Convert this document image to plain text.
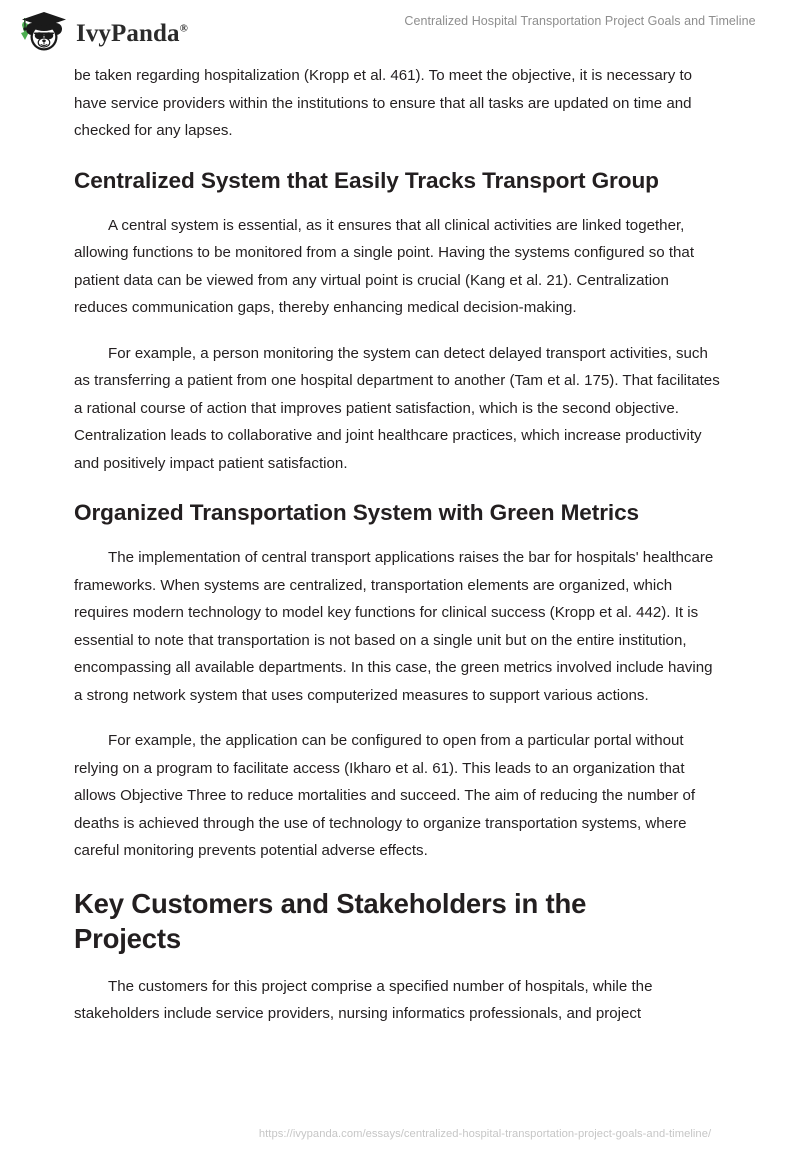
IvyPanda®
Centralized Hospital Transportation Project Goals and Timeline

be taken regarding hospitalization (Kropp et al. 461). To meet the objective, it is necessary to have service providers within the institutions to ensure that all tasks are updated on time and checked for any lapses.

Centralized System that Easily Tracks Transport Group

A central system is essential, as it ensures that all clinical activities are linked together, allowing functions to be monitored from a single point. Having the systems configured so that patient data can be viewed from any virtual point is crucial (Kang et al. 21). Centralization reduces communication gaps, thereby enhancing medical decision-making.

For example, a person monitoring the system can detect delayed transport activities, such as transferring a patient from one hospital department to another (Tam et al. 175). That facilitates a rational course of action that improves patient satisfaction, which is the second objective. Centralization leads to collaborative and joint healthcare practices, which increase productivity and positively impact patient satisfaction.

Organized Transportation System with Green Metrics

The implementation of central transport applications raises the bar for hospitals' healthcare frameworks. When systems are centralized, transportation elements are organized, which requires modern technology to model key functions for clinical success (Kropp et al. 442). It is essential to note that transportation is not based on a single unit but on the entire institution, encompassing all available departments. In this case, the green metrics involved include having a strong network system that uses computerized measures to support various actions.

For example, the application can be configured to open from a particular portal without relying on a program to facilitate access (Ikharo et al. 61). This leads to an organization that allows Objective Three to reduce mortalities and succeed. The aim of reducing the number of deaths is achieved through the use of technology to organize transportation systems, where careful monitoring prevents potential adverse effects.

Key Customers and Stakeholders in the Projects

The customers for this project comprise a specified number of hospitals, while the stakeholders include service providers, nursing informatics professionals, and project

https://ivypanda.com/essays/centralized-hospital-transportation-project-goals-and-timeline/
